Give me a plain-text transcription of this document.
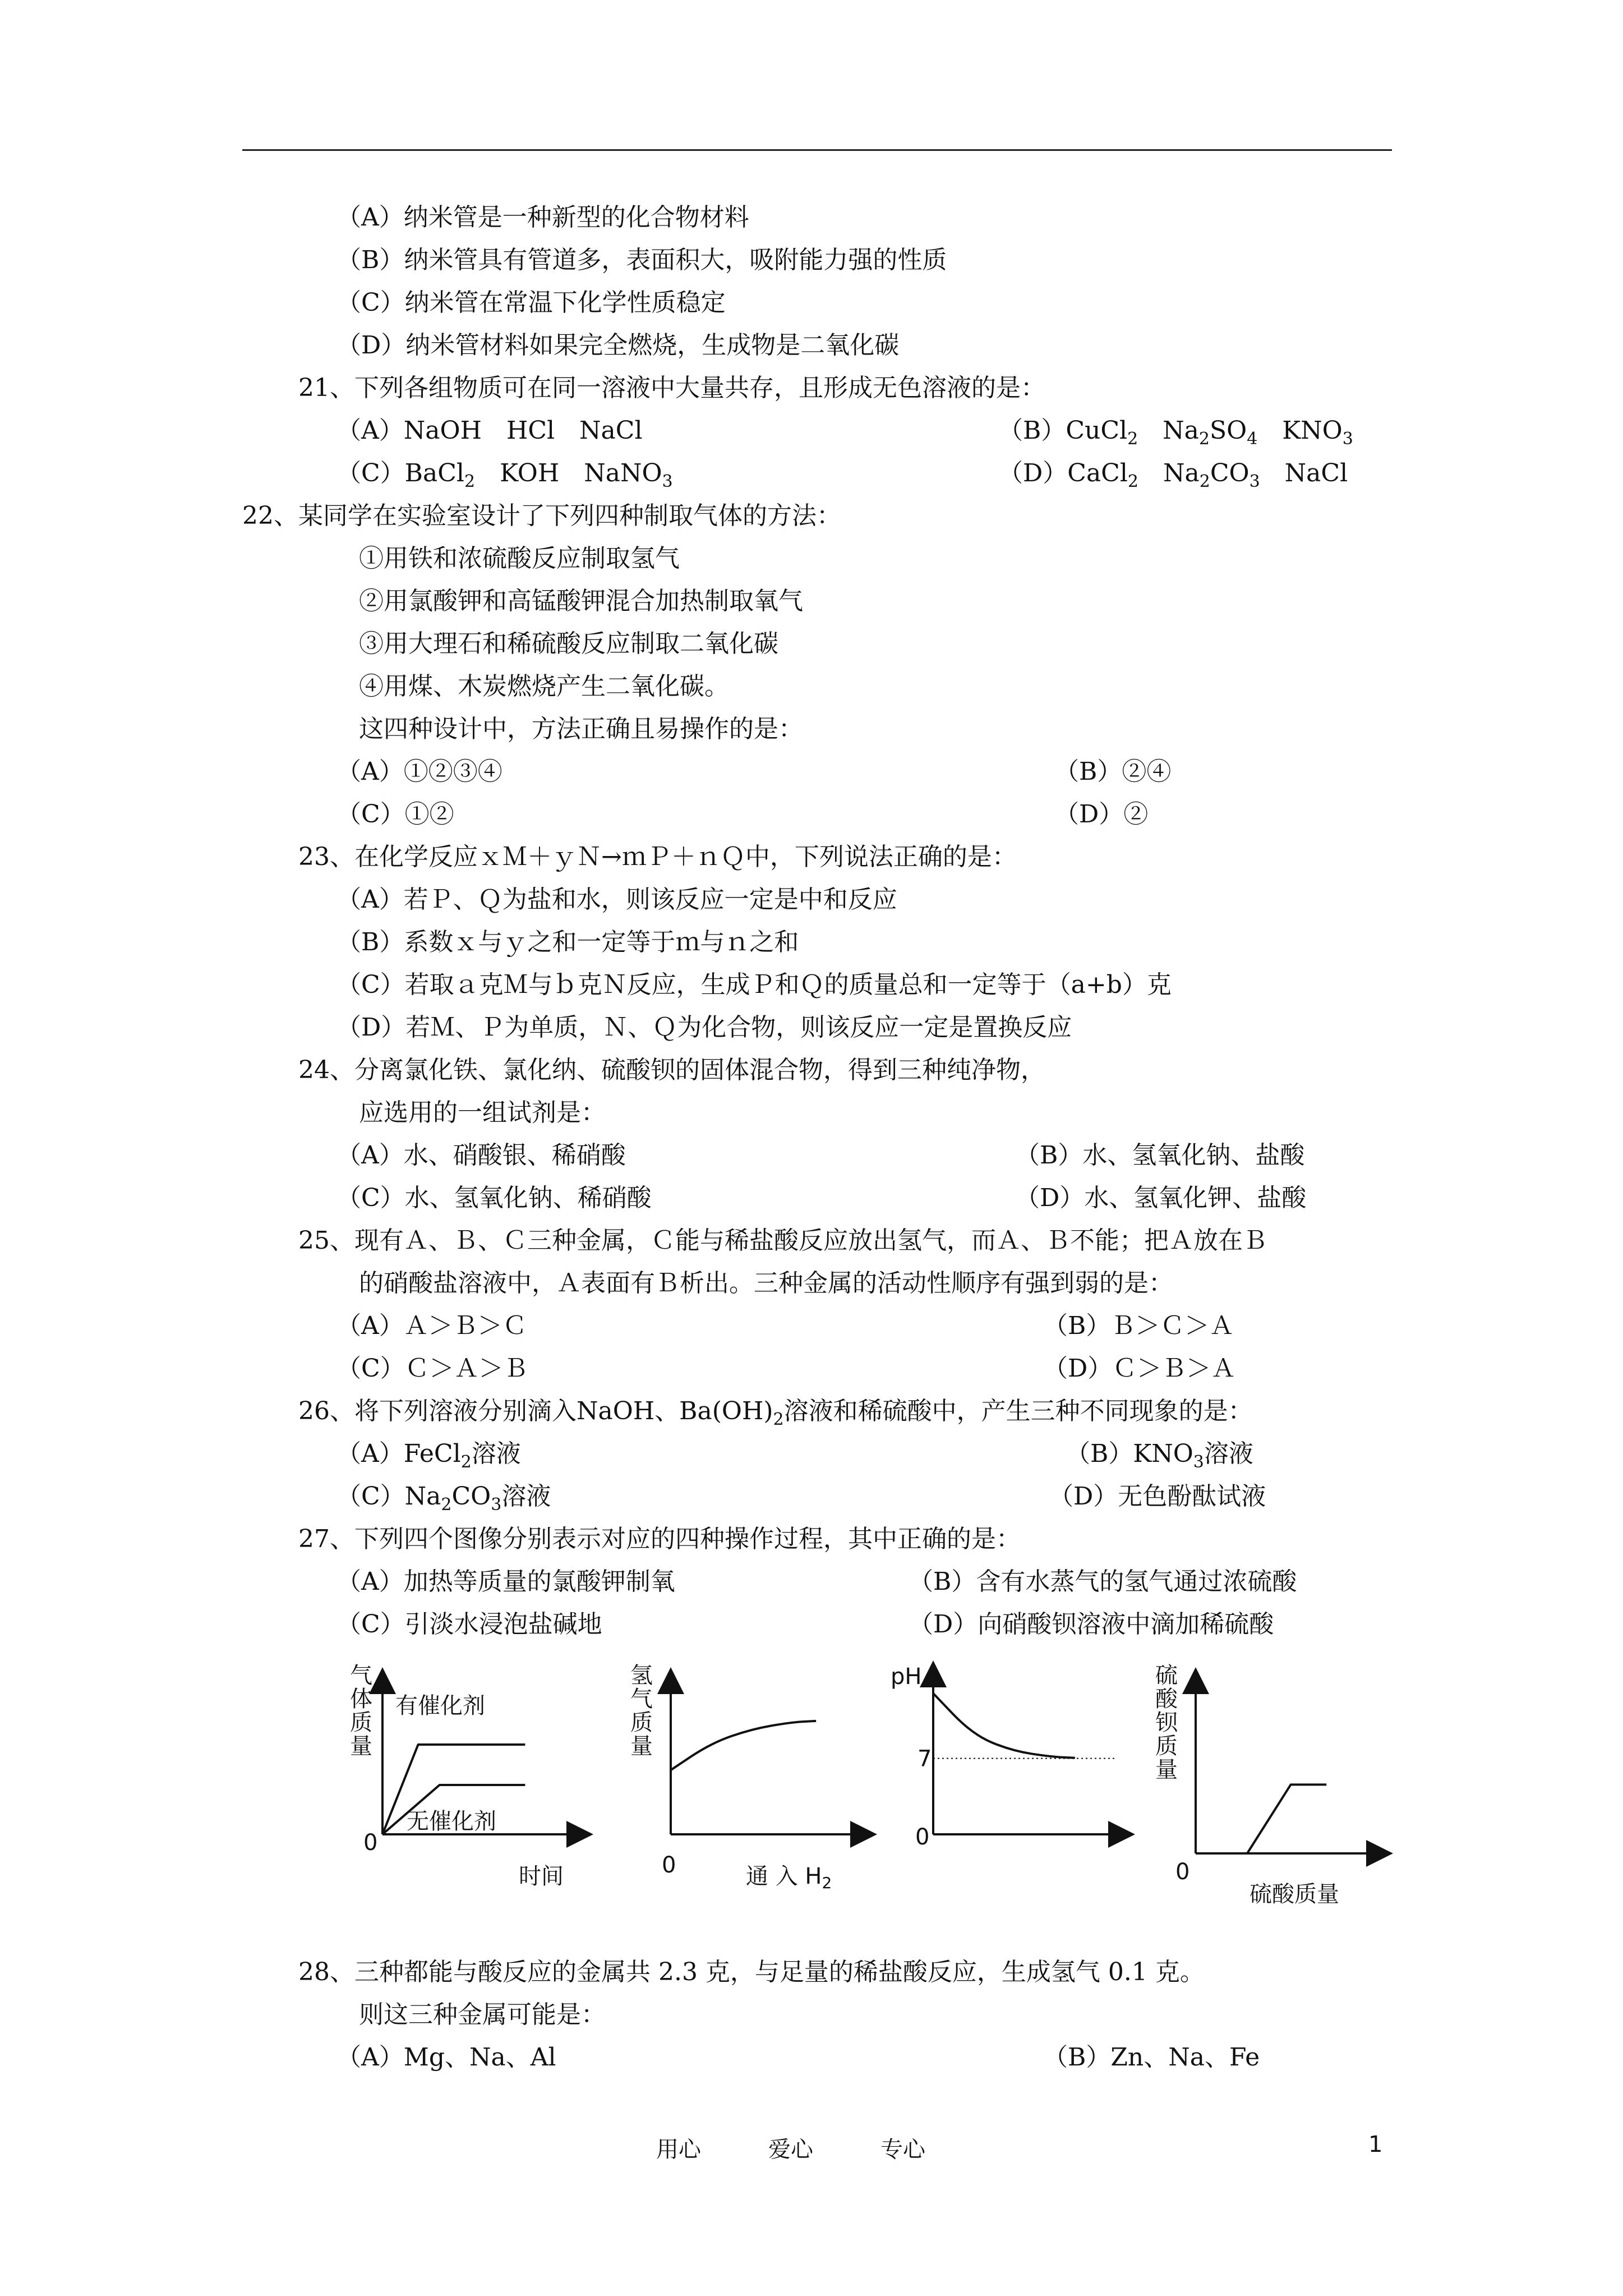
（A）纳米管是一种新型的化合物材料
（B）纳米管具有管道多，表面积大，吸附能力强的性质
（C）纳米管在常温下化学性质稳定
（D）纳米管材料如果完全燃烧，生成物是二氧化碳
21、下列各组物质可在同一溶液中大量共存，且形成无色溶液的是：
（A）NaOH　HCl　NaCl	（B）CuCl$_2$　$Na_2SO_4$　$KNO_3$
（C）BaCl$_2$　KOH　NaNO$_3$	（D）CaCl$_2$　$Na_2CO_3$　NaCl
22、某同学在实验室设计了下列四种制取气体的方法：
①用铁和浓硫酸反应制取氢气
②用氯酸钾和高锰酸钾混合加热制取氧气
③用大理石和稀硫酸反应制取二氧化碳
④用煤、木炭燃烧产生二氧化碳。
这四种设计中，方法正确且易操作的是：
（A）①②③④	（B）②④
（C）①②	（D）②
23、在化学反应ｘＭ＋ｙＮ→ｍＰ＋ｎＱ中，下列说法正确的是：
（A）若Ｐ、Ｑ为盐和水，则该反应一定是中和反应
（B）系数ｘ与ｙ之和一定等于ｍ与ｎ之和
（C）若取ａ克Ｍ与ｂ克Ｎ反应，生成Ｐ和Ｑ的质量总和一定等于（a+b）克
（D）若Ｍ、Ｐ为单质，Ｎ、Ｑ为化合物，则该反应一定是置换反应
24、分离氯化铁、氯化纳、硫酸钡的固体混合物，得到三种纯净物，
应选用的一组试剂是：
（A）水、硝酸银、稀硝酸	（B）水、氢氧化钠、盐酸
（C）水、氢氧化钠、稀硝酸	（D）水、氢氧化钾、盐酸
25、现有Ａ、Ｂ、Ｃ三种金属，Ｃ能与稀盐酸反应放出氢气，而Ａ、Ｂ不能；把Ａ放在Ｂ
的硝酸盐溶液中，Ａ表面有Ｂ析出。三种金属的活动性顺序有强到弱的是：
（A）Ａ＞Ｂ＞Ｃ	（B）Ｂ＞Ｃ＞Ａ
（C）Ｃ＞Ａ＞Ｂ	（D）Ｃ＞Ｂ＞Ａ
26、将下列溶液分别滴入NaOH、$Ba(OH)_2$溶液和稀硫酸中，产生三种不同现象的是：
（A）FeCl$_2$溶液	$(B)KNO_3$溶液
$(C)Na_2CO_3$溶液	（D）无色酚酞试液
27、下列四个图像分别表示对应的四种操作过程，其中正确的是：
（A）加热等质量的氯酸钾制氧	（B）含有水蒸气的氢气通过浓硫酸
（C）引淡水浸泡盐碱地	（D）向硝酸钡溶液中滴加稀硫酸
气
体
质
量
0
时间
有催化剂
无催化剂
氢
气
质
量
0	通 入 $H_2$
pH
0
7
硫
酸
钡
质
量
0
硫酸质量
28、三种都能与酸反应的金属共 2.3 克，与足量的稀盐酸反应，生成氢气 0.1 克。
则这三种金属可能是：
（A）Mg、Na、Al	（B）Zn、Na、Fe
用心	爱心	专心	1
